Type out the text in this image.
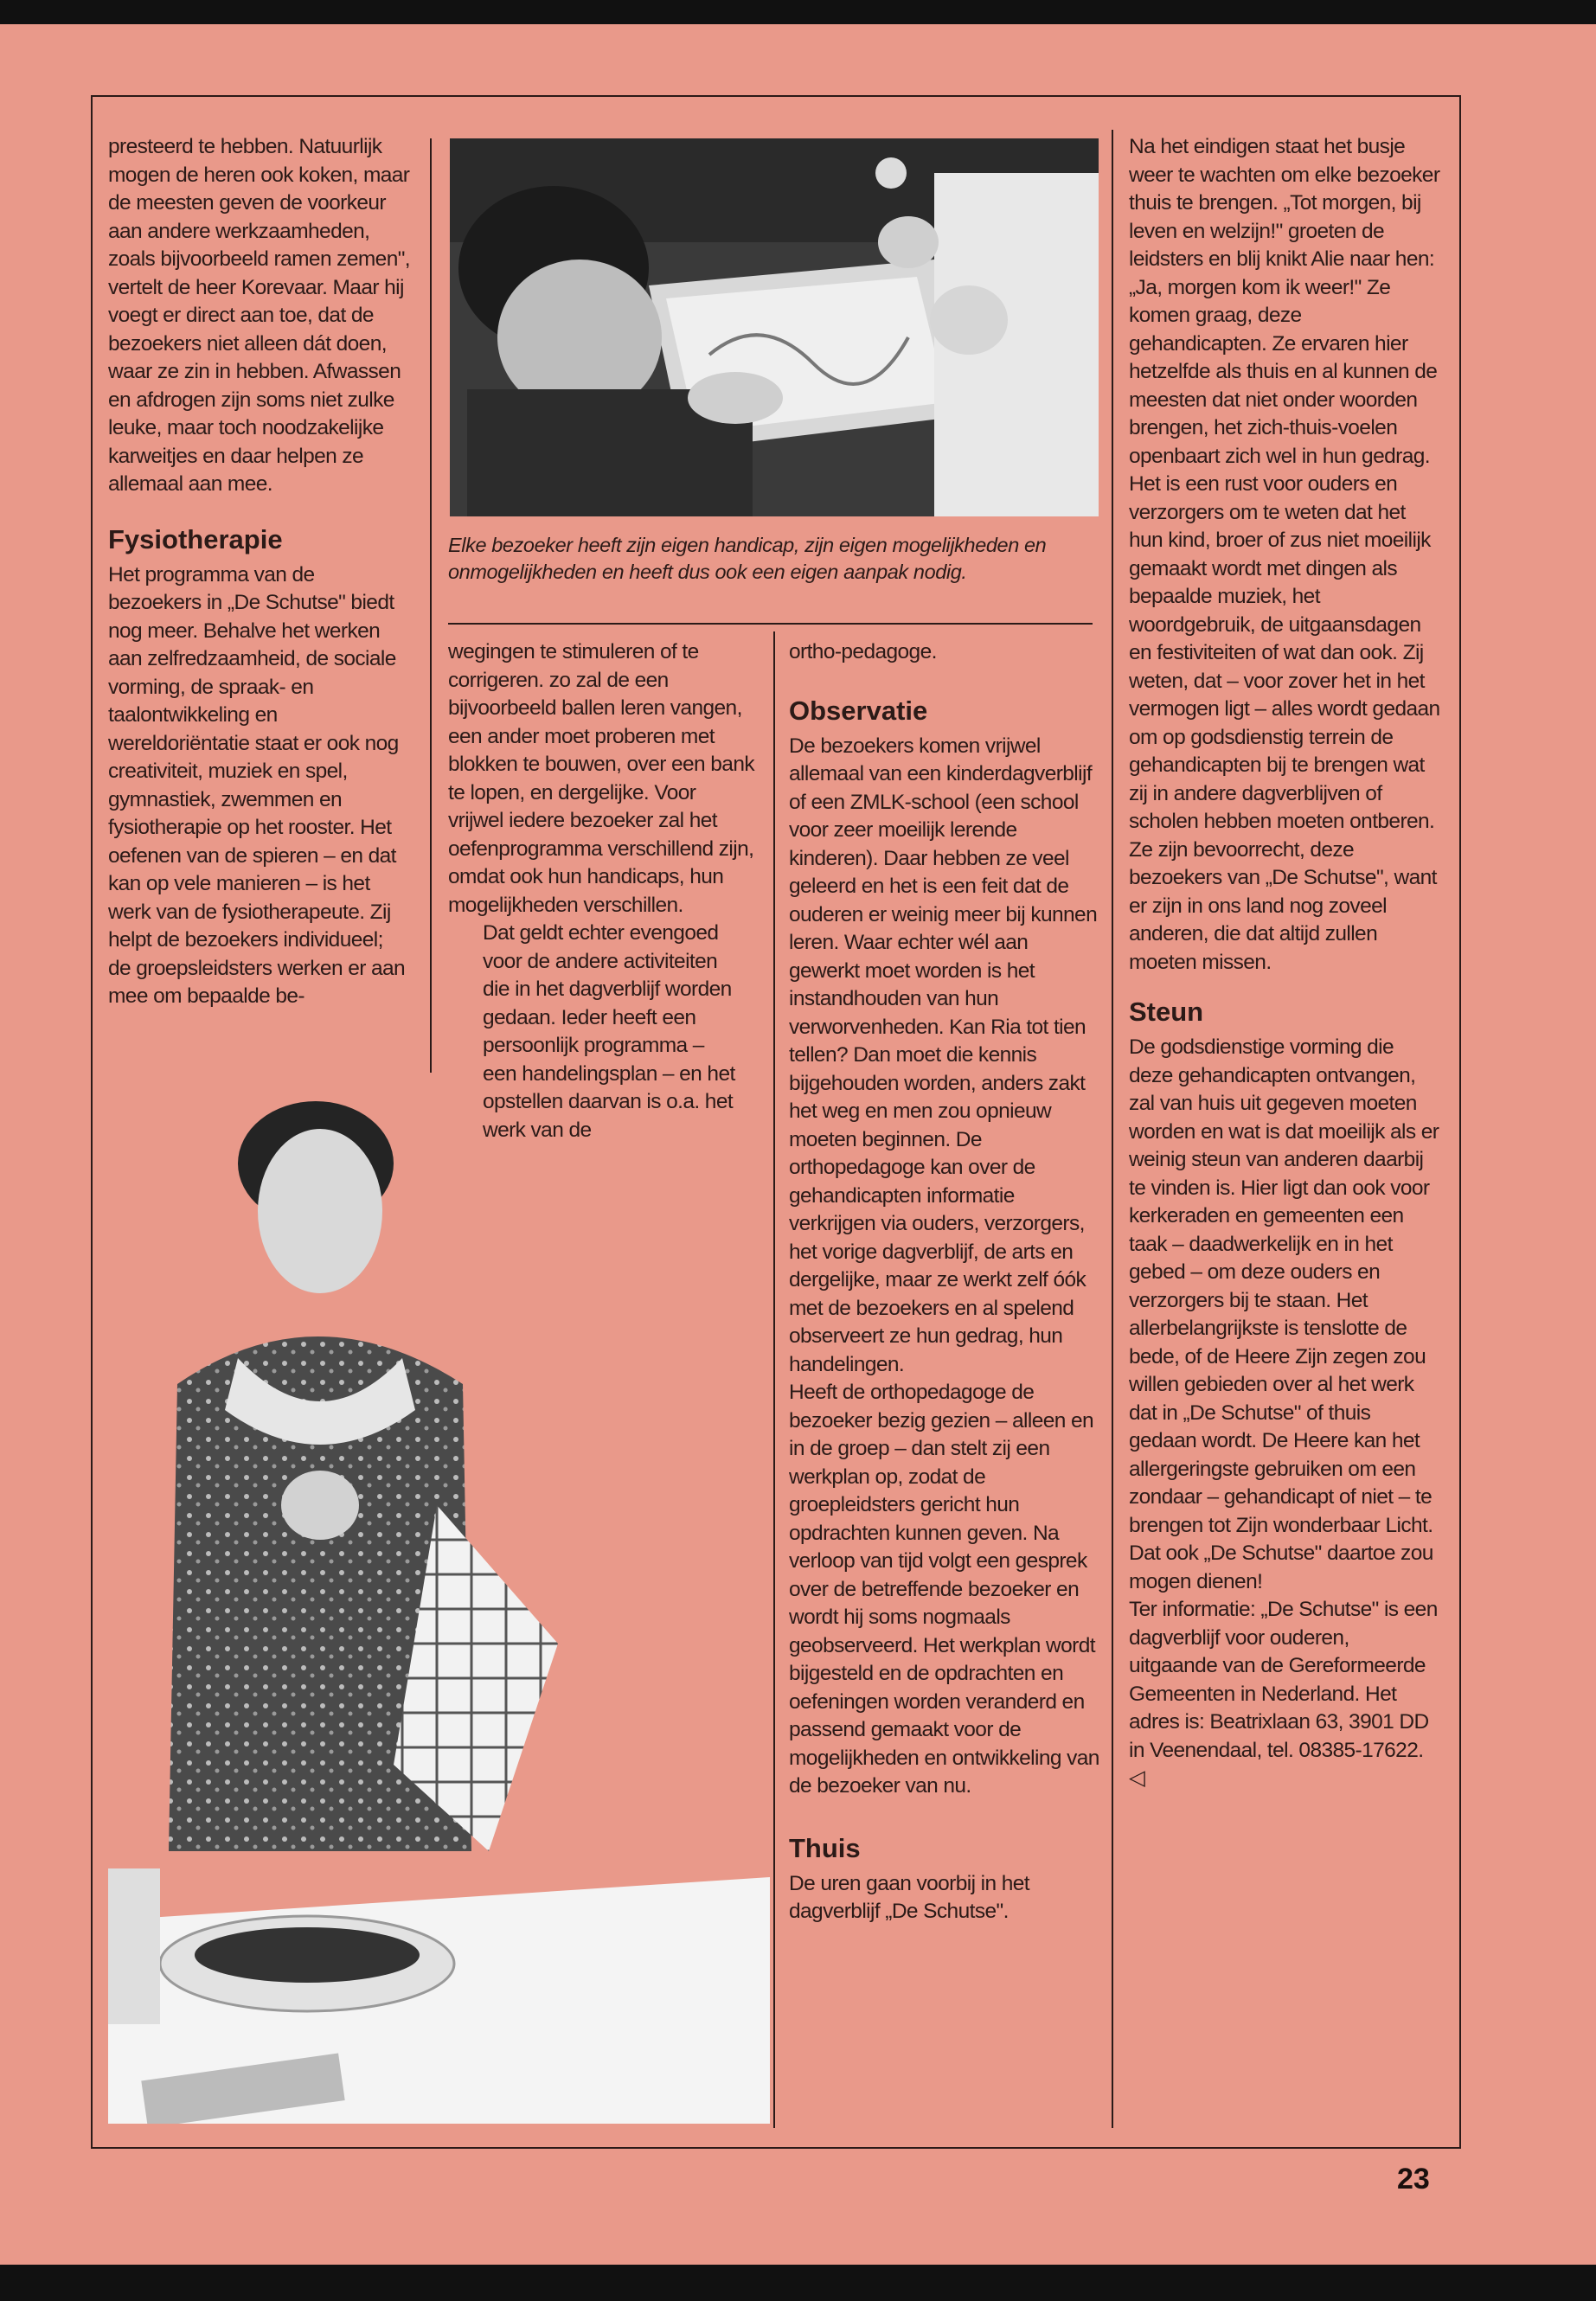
Elke bezoeker heeft zijn eigen handicap, zijn eigen mogelijkheden en onmogelijkheden en heeft dus ook een eigen aanpak nodig.

presteerd te hebben. Natuurlijk mogen de heren ook koken, maar de meesten geven de voorkeur aan andere werkzaamheden, zoals bijvoorbeeld ramen zemen", vertelt de heer Korevaar. Maar hij voegt er direct aan toe, dat de bezoekers niet alleen dát doen, waar ze zin in hebben. Afwassen en afdrogen zijn soms niet zulke leuke, maar toch noodzakelijke karweitjes en daar helpen ze allemaal aan mee.

Fysiotherapie

Het programma van de bezoekers in „De Schutse" biedt nog meer. Behalve het werken aan zelfredzaamheid, de sociale vorming, de spraak- en taalontwikkeling en wereldoriëntatie staat er ook nog creativiteit, muziek en spel, gymnastiek, zwemmen en fysiotherapie op het rooster. Het oefenen van de spieren – en dat kan op vele manieren – is het werk van de fysiotherapeute. Zij helpt de bezoekers individueel; de groepsleidsters werken er aan mee om bepaalde be-

wegingen te stimuleren of te corrigeren. zo zal de een bijvoorbeeld ballen leren vangen, een ander moet proberen met blokken te bouwen, over een bank te lopen, en dergelijke. Voor vrijwel iedere bezoeker zal het oefenprogramma verschillend zijn, omdat ook hun handicaps, hun mogelijkheden verschillen.

Dat geldt echter evengoed voor de andere activiteiten die in het dagverblijf worden gedaan. Ieder heeft een persoonlijk programma – een handelingsplan – en het opstellen daarvan is o.a. het werk van de

ortho-pedagoge.

Observatie

De bezoekers komen vrijwel allemaal van een kinderdagverblijf of een ZMLK-school (een school voor zeer moeilijk lerende kinderen). Daar hebben ze veel geleerd en het is een feit dat de ouderen er weinig meer bij kunnen leren. Waar echter wél aan gewerkt moet worden is het instandhouden van hun verworvenheden. Kan Ria tot tien tellen? Dan moet die kennis bijgehouden worden, anders zakt het weg en men zou opnieuw moeten beginnen. De orthopedagoge kan over de gehandicapten informatie verkrijgen via ouders, verzorgers, het vorige dagverblijf, de arts en dergelijke, maar ze werkt zelf óók met de bezoekers en al spelend observeert ze hun gedrag, hun handelingen.

Heeft de orthopedagoge de bezoeker bezig gezien – alleen en in de groep – dan stelt zij een werkplan op, zodat de groepleidsters gericht hun opdrachten kunnen geven. Na verloop van tijd volgt een gesprek over de betreffende bezoeker en wordt hij soms nogmaals geobserveerd. Het werkplan wordt bijgesteld en de opdrachten en oefeningen worden veranderd en passend gemaakt voor de mogelijkheden en ontwikkeling van de bezoeker van nu.

Thuis

De uren gaan voorbij in het dagverblijf „De Schutse".

Na het eindigen staat het busje weer te wachten om elke bezoeker thuis te brengen. „Tot morgen, bij leven en welzijn!" groeten de leidsters en blij knikt Alie naar hen: „Ja, morgen kom ik weer!" Ze komen graag, deze gehandicapten. Ze ervaren hier hetzelfde als thuis en al kunnen de meesten dat niet onder woorden brengen, het zich-thuis-voelen openbaart zich wel in hun gedrag. Het is een rust voor ouders en verzorgers om te weten dat het hun kind, broer of zus niet moeilijk gemaakt wordt met dingen als bepaalde muziek, het woordgebruik, de uitgaansdagen en festiviteiten of wat dan ook. Zij weten, dat – voor zover het in het vermogen ligt – alles wordt gedaan om op godsdienstig terrein de gehandicapten bij te brengen wat zij in andere dagverblijven of scholen hebben moeten ontberen.

Ze zijn bevoorrecht, deze bezoekers van „De Schutse", want er zijn in ons land nog zoveel anderen, die dat altijd zullen moeten missen.

Steun

De godsdienstige vorming die deze gehandicapten ontvangen, zal van huis uit gegeven moeten worden en wat is dat moeilijk als er weinig steun van anderen daarbij te vinden is. Hier ligt dan ook voor kerkeraden en gemeenten een taak – daadwerkelijk en in het gebed – om deze ouders en verzorgers bij te staan. Het allerbelangrijkste is tenslotte de bede, of de Heere Zijn zegen zou willen gebieden over al het werk dat in „De Schutse" of thuis gedaan wordt. De Heere kan het allergeringste gebruiken om een zondaar – gehandicapt of niet – te brengen tot Zijn wonderbaar Licht. Dat ook „De Schutse" daartoe zou mogen dienen!

Ter informatie: „De Schutse" is een dagverblijf voor ouderen, uitgaande van de Gereformeerde Gemeenten in Nederland. Het adres is: Beatrixlaan 63, 3901 DD in Veenendaal, tel. 08385-17622. ◁

23
